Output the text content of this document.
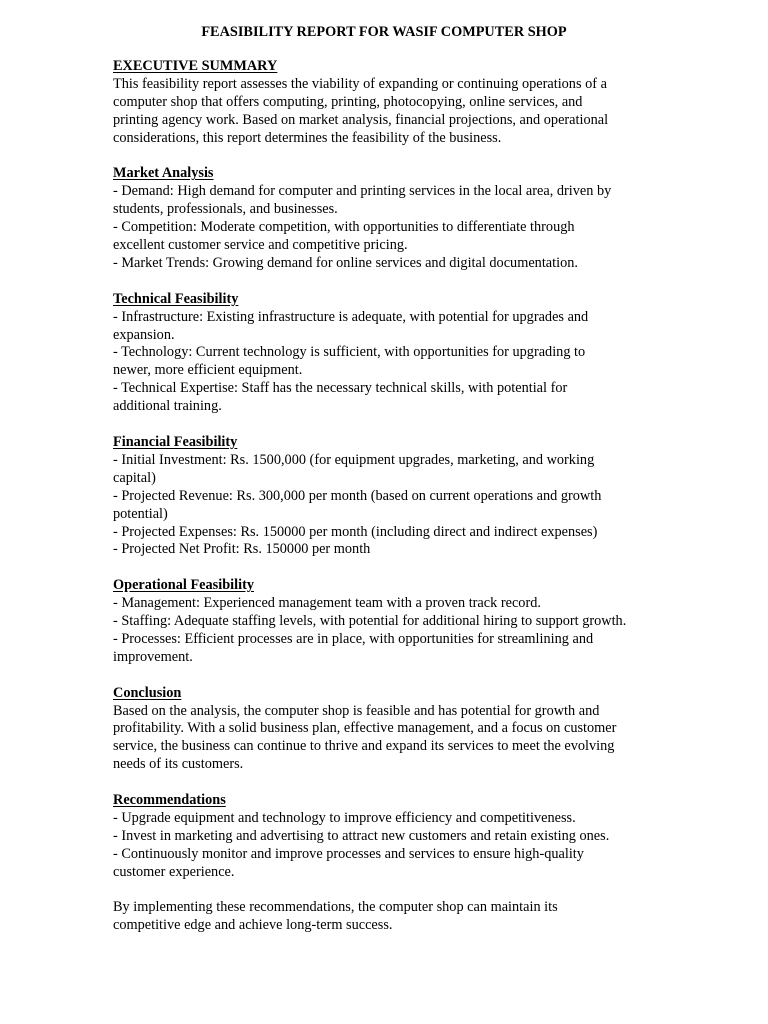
FEASIBILITY REPORT FOR WASIF COMPUTER SHOP
EXECUTIVE SUMMARY
This feasibility report assesses the viability of expanding or continuing operations of a
computer shop that offers computing, printing, photocopying, online services, and
printing agency work. Based on market analysis, financial projections, and operational
considerations, this report determines the feasibility of the business.
Market Analysis
- Demand: High demand for computer and printing services in the local area, driven by
students, professionals, and businesses.
- Competition: Moderate competition, with opportunities to differentiate through
excellent customer service and competitive pricing.
- Market Trends: Growing demand for online services and digital documentation.
Technical Feasibility
- Infrastructure: Existing infrastructure is adequate, with potential for upgrades and
expansion.
- Technology: Current technology is sufficient, with opportunities for upgrading to
newer, more efficient equipment.
- Technical Expertise: Staff has the necessary technical skills, with potential for
additional training.
Financial Feasibility
- Initial Investment: Rs. 1500,000 (for equipment upgrades, marketing, and working
capital)
- Projected Revenue: Rs. 300,000 per month (based on current operations and growth
potential)
- Projected Expenses: Rs. 150000 per month (including direct and indirect expenses)
- Projected Net Profit: Rs. 150000 per month
Operational Feasibility
- Management: Experienced management team with a proven track record.
- Staffing: Adequate staffing levels, with potential for additional hiring to support growth.
- Processes: Efficient processes are in place, with opportunities for streamlining and
improvement.
Conclusion
Based on the analysis, the computer shop is feasible and has potential for growth and
profitability. With a solid business plan, effective management, and a focus on customer
service, the business can continue to thrive and expand its services to meet the evolving
needs of its customers.
Recommendations
- Upgrade equipment and technology to improve efficiency and competitiveness.
- Invest in marketing and advertising to attract new customers and retain existing ones.
- Continuously monitor and improve processes and services to ensure high-quality
customer experience.
By implementing these recommendations, the computer shop can maintain its
competitive edge and achieve long-term success.
